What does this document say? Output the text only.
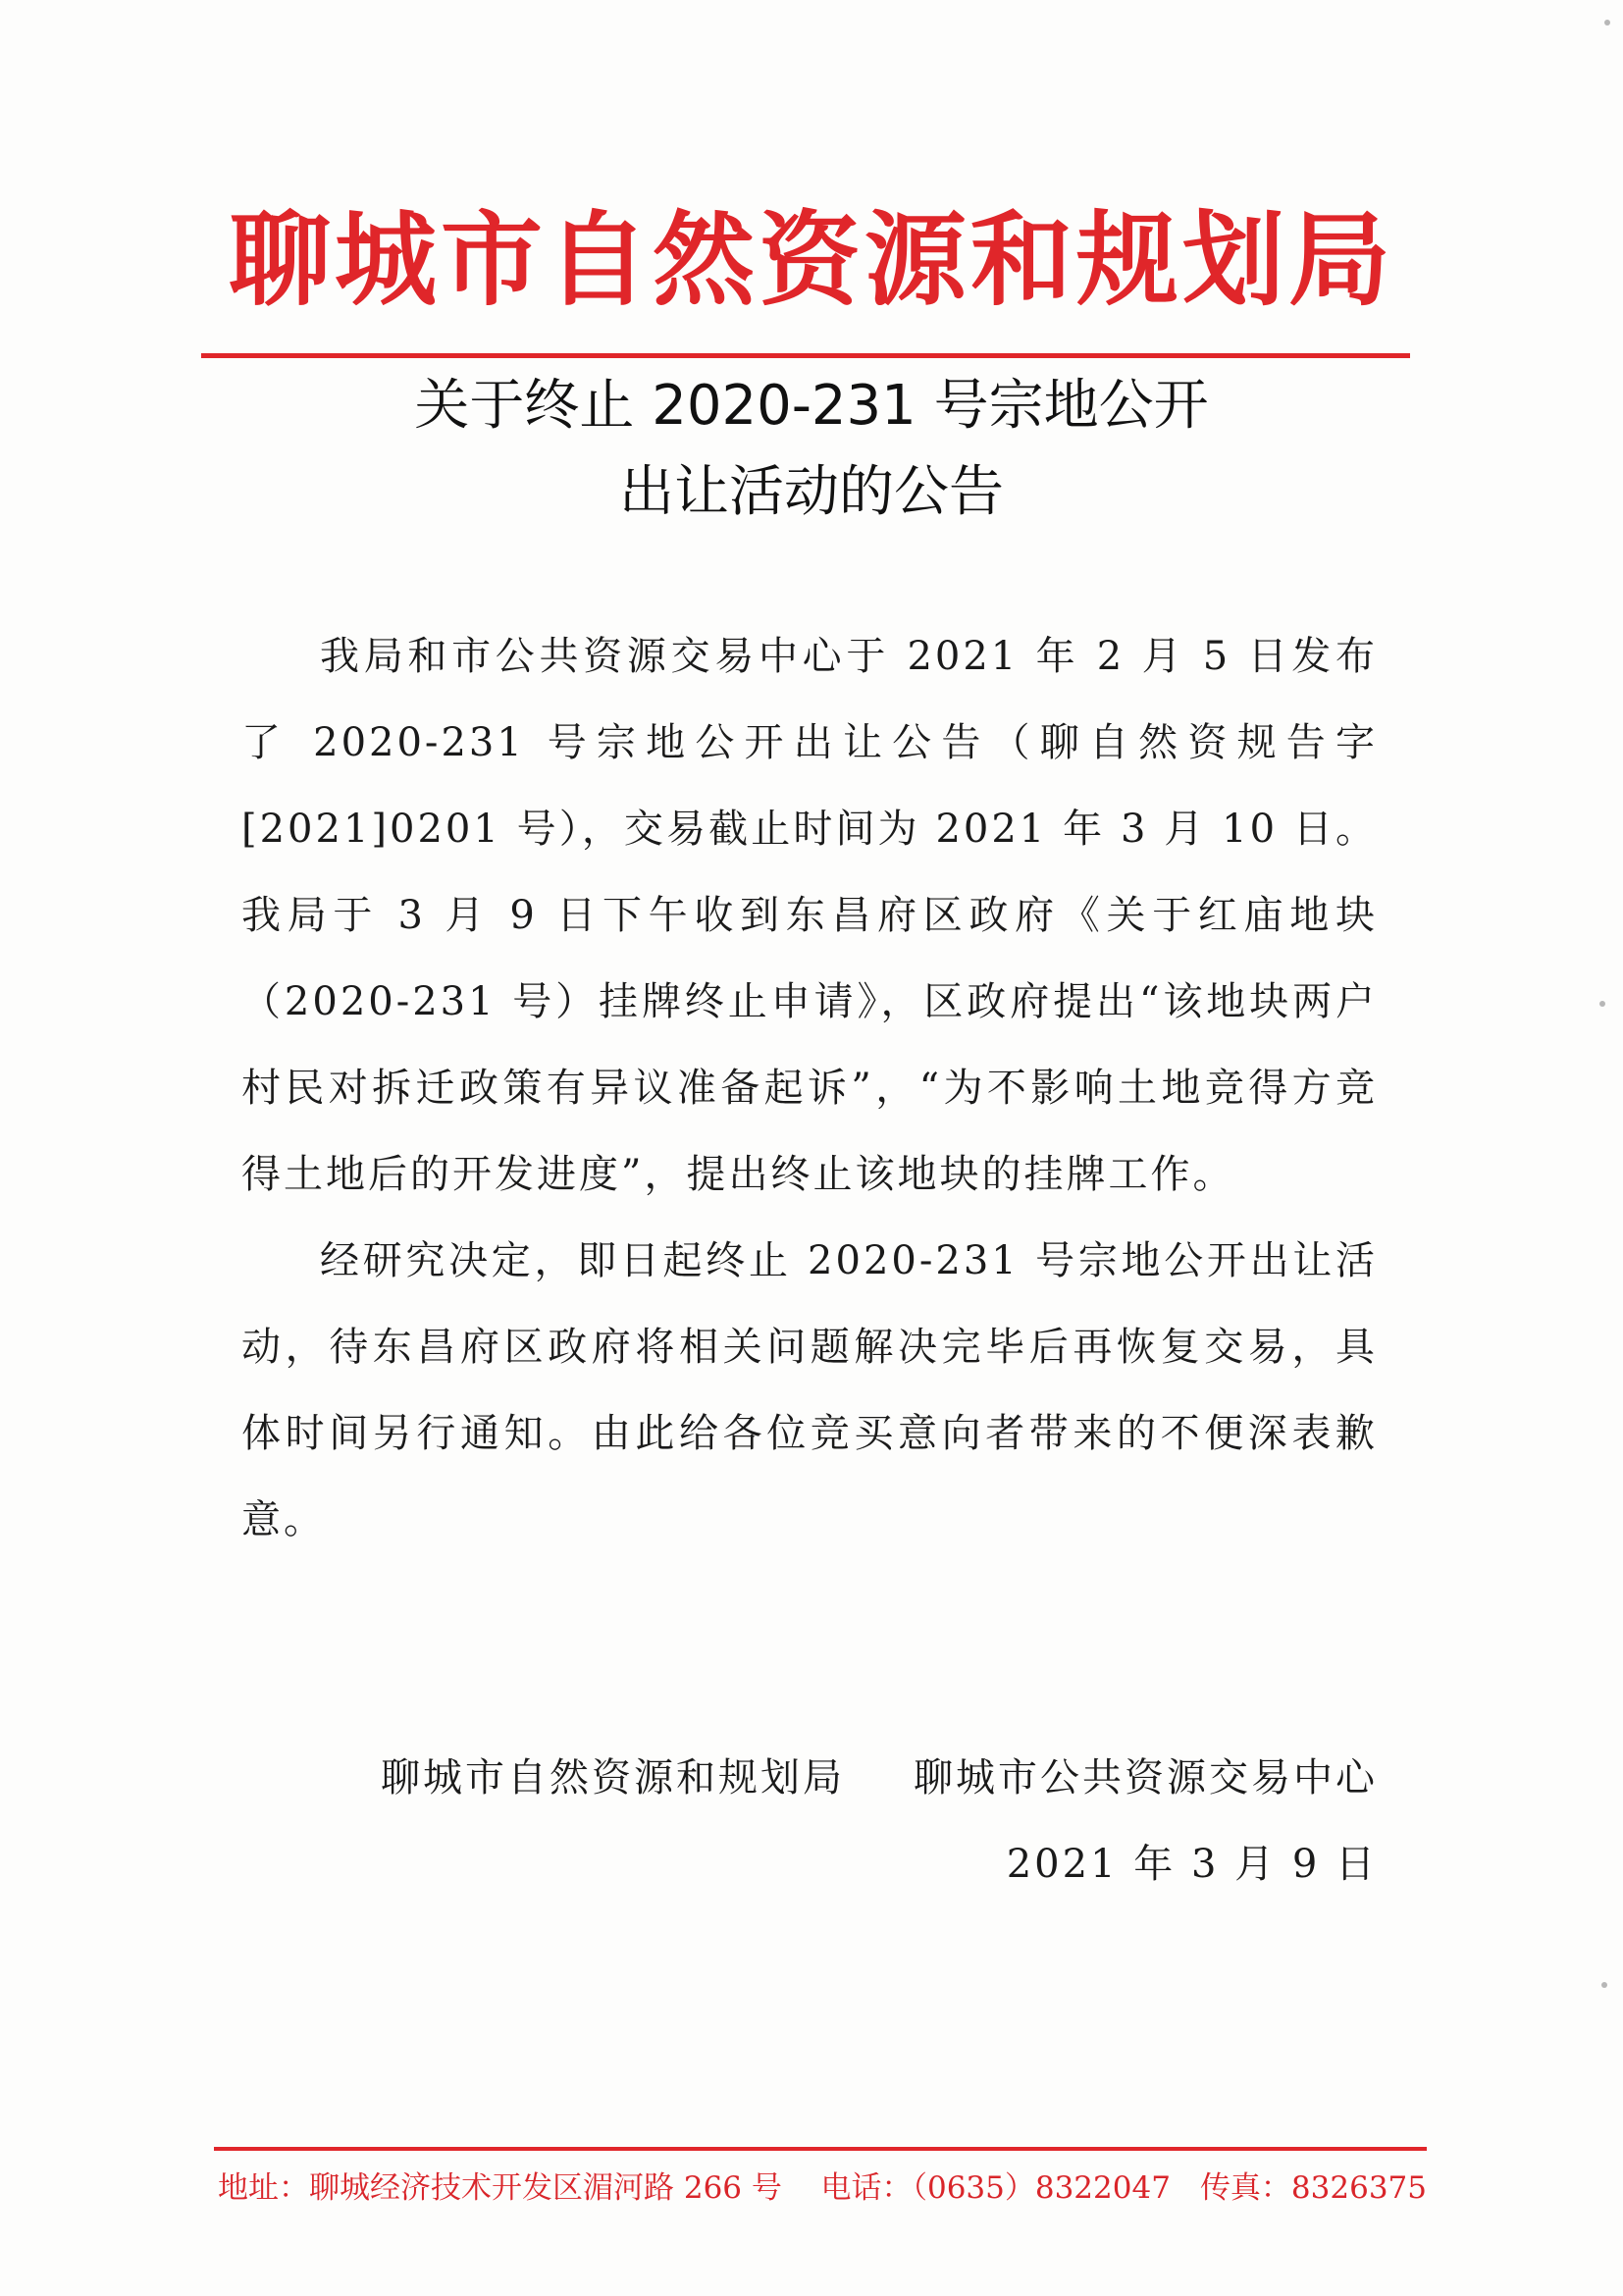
聊城市自然资源和规划局
关于终止 2020-231 号宗地公开
出让活动的公告

我局和市公共资源交易中心于 2021 年 2 月 5 日发布了 2020-231 号宗地公开出让公告（聊自然资规告字[2021]0201 号），交易截止时间为 2021 年 3 月 10 日。我局于 3 月 9 日下午收到东昌府区政府《关于红庙地块（2020-231 号）挂牌终止申请》，区政府提出“该地块两户村民对拆迁政策有异议准备起诉”，“为不影响土地竞得方竞得土地后的开发进度”，提出终止该地块的挂牌工作。

经研究决定，即日起终止 2020-231 号宗地公开出让活动，待东昌府区政府将相关问题解决完毕后再恢复交易，具体时间另行通知。由此给各位竞买意向者带来的不便深表歉意。

聊城市自然资源和规划局 聊城市公共资源交易中心
2021 年 3 月 9 日
地址：聊城经济技术开发区湄河路 266 号 电话：（0635）8322047 传真：8326375
